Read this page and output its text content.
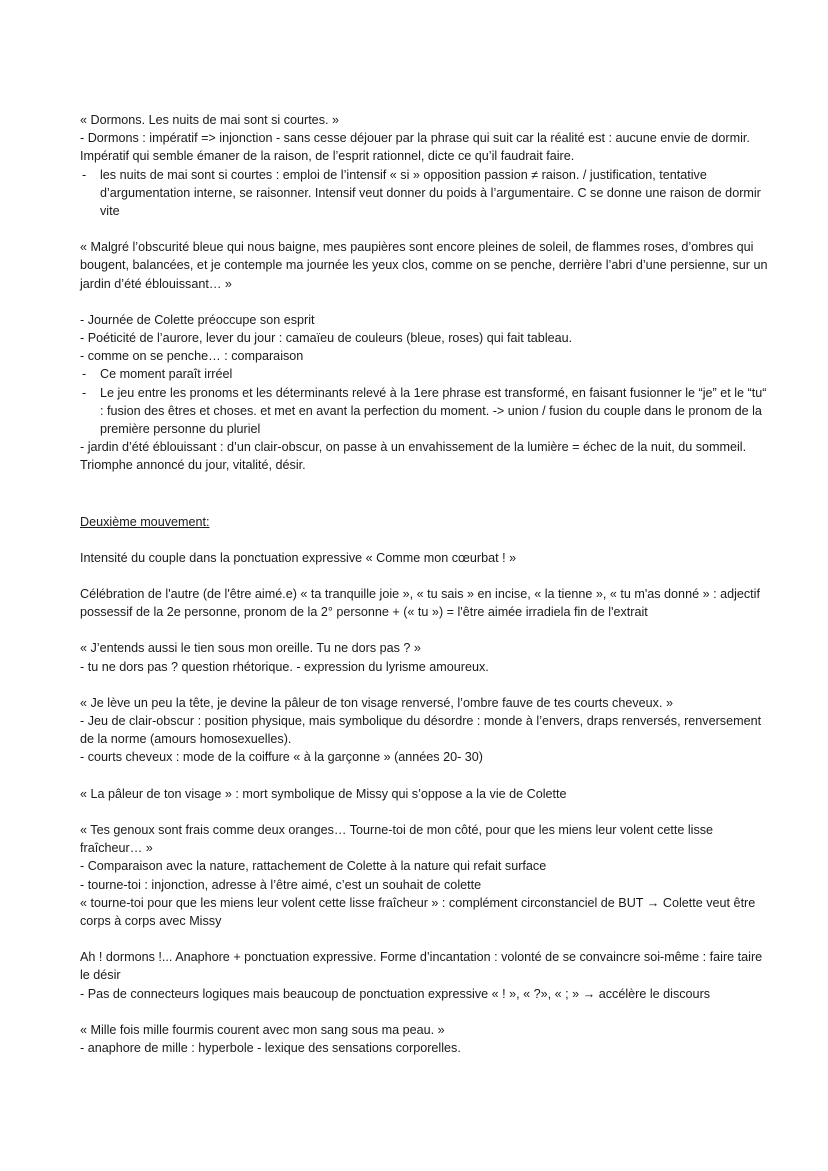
« Dormons. Les nuits de mai sont si courtes. »

- Dormons : impératif => injonction - sans cesse déjouer par la phrase qui suit car la réalité est : aucune envie de dormir. Impératif qui semble émaner de la raison, de l’esprit rationnel, dicte ce qu’il faudrait faire.

- les nuits de mai sont si courtes : emploi de l’intensif « si » opposition passion ≠ raison. / justification, tentative d’argumentation interne, se raisonner. Intensif veut donner du poids à l’argumentaire. C se donne une raison de dormir vite

« Malgré l’obscurité bleue qui nous baigne, mes paupières sont encore pleines de soleil, de flammes roses, d’ombres qui bougent, balancées, et je contemple ma journée les yeux clos, comme on se penche, derrière l’abri d’une persienne, sur un jardin d’été éblouissant… »

- Journée de Colette préoccupe son esprit

- Poéticité de l’aurore, lever du jour : camaïeu de couleurs (bleue, roses) qui fait tableau.

- comme on se penche… : comparaison

- Ce moment paraît irréel

- Le jeu entre les pronoms et les déterminants relevé à la 1ere phrase est transformé, en faisant fusionner le “je” et le “tu“ : fusion des êtres et choses. et met en avant la perfection du moment. -> union / fusion du couple dans le pronom de la première personne du pluriel

- jardin d’été éblouissant : d’un clair-obscur, on passe à un envahissement de la lumière = échec de la nuit, du sommeil. Triomphe annoncé du jour, vitalité, désir.

Deuxième mouvement:

Intensité du couple dans la ponctuation expressive « Comme mon cœurbat ! »

Célébration de l'autre (de l'être aimé.e) « ta tranquille joie », « tu sais » en incise, « la tienne », « tu m'as donné » : adjectif possessif de la 2e personne, pronom de la 2° personne + (« tu ») = l'être aimée irradiela fin de l'extrait

« J’entends aussi le tien sous mon oreille. Tu ne dors pas ? »

- tu ne dors pas ? question rhétorique. - expression du lyrisme amoureux.

« Je lève un peu la tête, je devine la pâleur de ton visage renversé, l’ombre fauve de tes courts cheveux. »

- Jeu de clair-obscur : position physique, mais symbolique du désordre : monde à l’envers, draps renversés, renversement de la norme (amours homosexuelles).

- courts cheveux : mode de la coiffure « à la garçonne » (années 20- 30)

« La pâleur de ton visage » : mort symbolique de Missy qui s’oppose a la vie de Colette

« Tes genoux sont frais comme deux oranges… Tourne-toi de mon côté, pour que les miens leur volent cette lisse fraîcheur… »

- Comparaison avec la nature, rattachement de Colette à la nature qui refait surface

- tourne-toi : injonction, adresse à l’être aimé, c’est un souhait de colette

« tourne-toi pour que les miens leur volent cette lisse fraîcheur » : complément circonstanciel de BUT → Colette veut être corps à corps avec Missy

Ah ! dormons !... Anaphore + ponctuation expressive. Forme d’incantation : volonté de se convaincre soi-même : faire taire le désir

- Pas de connecteurs logiques mais beaucoup de ponctuation expressive « ! », « ?», « ; » → accélère le discours

« Mille fois mille fourmis courent avec mon sang sous ma peau. »

- anaphore de mille : hyperbole - lexique des sensations corporelles.
